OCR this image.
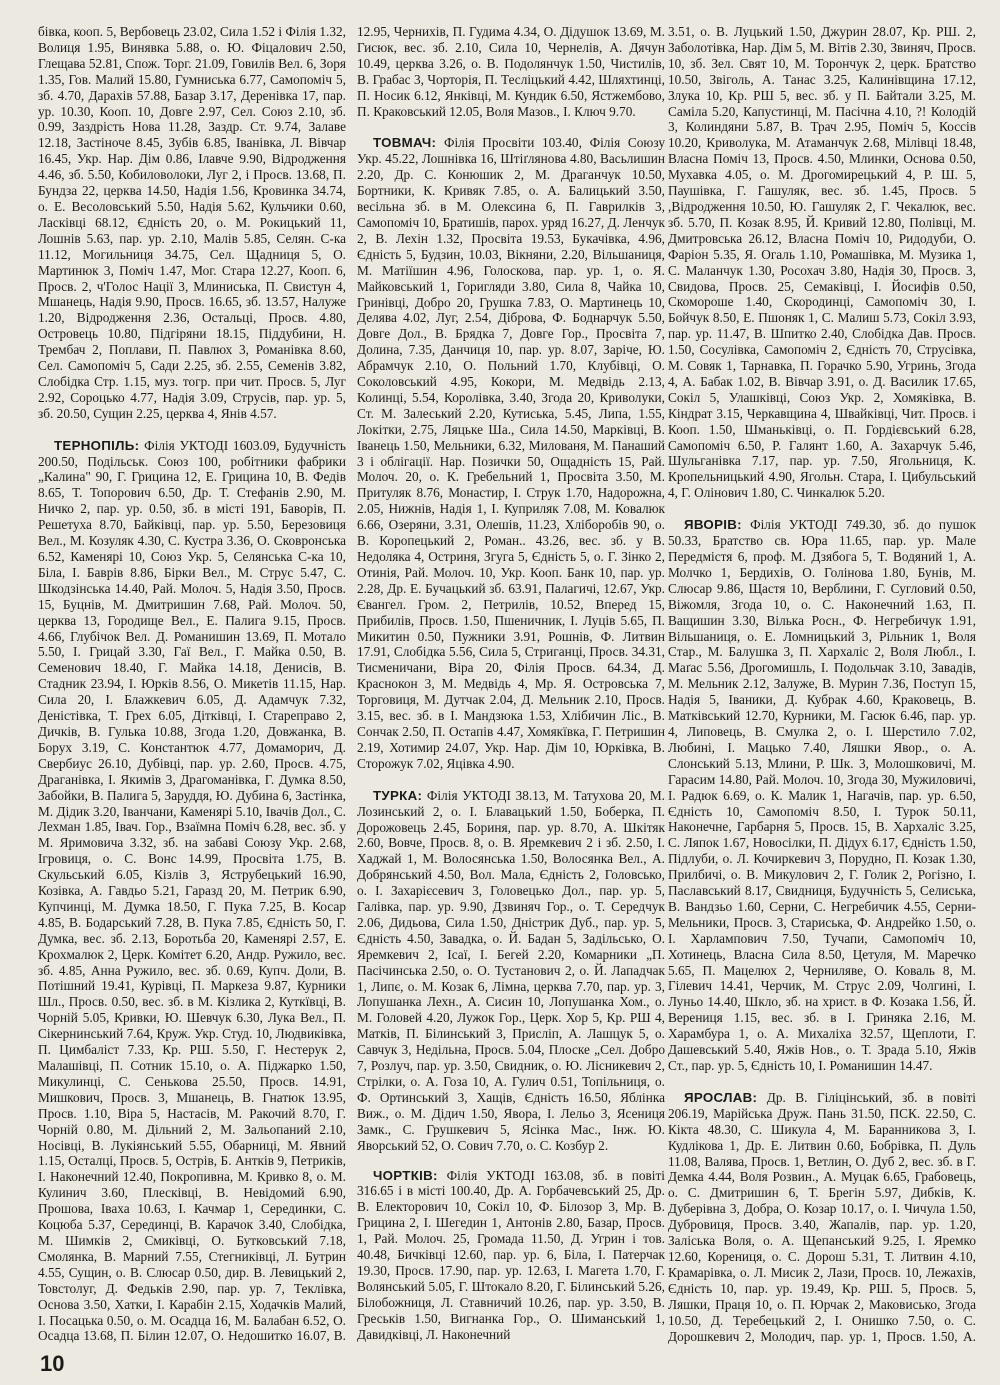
бівка, кооп. 5, Вербовець 23.02, Сила 1.52 і Філія 1.32, Волиця 1.95, Винявка 5.88, о. Ю. Фіцалович 2.50, Глещава 52.81, Спож. Торг. 21.09, Говилів Вел. 6, Зоря 1.35, Гов. Малий 15.80, Гумниська 6.77, Самопоміч 5, зб. 4.70, Дарахів 57.88, Базар 3.17, Деренівка 17, пар. ур. 10.30, Кооп. 10, Довге 2.97, Сел. Союз 2.10, зб. 0.99, Заздрість Нова 11.28, Заздр. Ст. 9.74, Залаве 12.18, Застіноче 8.45, Зубів 6.85, Іванівка, Л. Вівчар 16.45, Укр. Нар. Дім 0.86, Ілавче 9.90, Відродження 4.46, зб. 5.50, Кобиловолоки, Луг 2, і Просв. 13.68, П. Бундза 22, церква 14.50, Надія 1.56, Кровинка 34.74, о. Е. Весоловський 5.50, Надія 5.62, Кульчики 0.60, Ласківці 68.12, Єдність 20, о. М. Рокицький 11, Лошнів 5.63, пар. ур. 2.10, Малів 5.85, Селян. С-ка 11.12, Могильниця 34.75, Сел. Щадниця 5, О. Мартинюк 3, Поміч 1.47, Мог. Стара 12.27, Кооп. 6, Просв. 2, ч'Голос Нації 3, Млиниська, П. Свистун 4, Мшанець, Надія 9.90, Просв. 16.65, зб. 13.57, Налуже 1.20, Відродження 2.36, Остальці, Просв. 4.80, Островець 10.80, Підгіряни 18.15, Піддубини, Н. Трембач 2, Поплави, П. Павлюх 3, Романівка 8.60, Сел. Самопоміч 5, Сади 2.25, зб. 2.55, Семенів 3.82, Слобідка Стр. 1.15, муз. тогр. при чит. Просв. 5, Луг 2.92, Сороцько 4.77, Надія 3.09, Струсів, пар. ур. 5, зб. 20.50, Сущин 2.25, церква 4, Янів 4.57.

ТЕРНОПІЛЬ: Філія УКТОДІ 1603.09, Будучність 200.50, Подільськ. Союз 100, робітники фабрики „Калина" 90, Г. Грицина 12, Е. Грицина 10, В. Федів 8.65, Т. Топорович 6.50, Др. Т. Стефанів 2.90, М. Ничко 2, пар. ур. 0.50, зб. в місті 191, Баворів, П. Решетуха 8.70, Байківці, пар. ур. 5.50, Березовиця Вел., М. Козуляк 4.30, С. Кустра 3.36, О. Сковронська 6.52, Каменярі 10, Союз Укр. 5, Селянська С-ка 10, Біла, І. Баврів 8.86, Бірки Вел., М. Струс 5.47, С. Шкодзінська 14.40, Рай. Молоч. 5, Надія 3.50, Просв. 15, Буцнів, М. Дмитришин 7.68, Рай. Молоч. 50, церква 13, Городище Вел., Е. Палига 9.15, Просв. 4.66, Глубічок Вел. Д. Романишин 13.69, П. Мотало 5.50, І. Грицай 3.30, Гаї Вел., Г. Майка 0.50, В. Семенович 18.40, Г. Майка 14.18, Денисів, В. Стадник 23.94, І. Юрків 8.56, О. Микетів 11.15, Нар. Сила 20, І. Блажкевич 6.05, Д. Адамчук 7.32, Деністівка, Т. Грех 6.05, Дітківці, І. Стареправо 2, Дичків, В. Гулька 10.88, Згода 1.20, Довжанка, В. Борух 3.19, С. Константюк 4.77, Домаморич, Д. Свербиус 26.10, Дубівці, пар. ур. 2.60, Просв. 4.75, Драганівка, І. Якимів 3, Драгоманівка, Г. Думка 8.50, Забойки, В. Палига 5, Заруддя, Ю. Дубина 6, Застінка, М. Дідик 3.20, Іванчани, Каменярі 5.10, Івачів Дол., С. Лехман 1.85, Івач. Гор., Взаїмна Поміч 6.28, вес. зб. у М. Яримовича 3.32, зб. на забаві Союзу Укр. 2.68, Ігровиця, о. С. Вонс 14.99, Просвіта 1.75, В. Скульський 6.05, Кізлів 3, Яструбецький 16.90, Козівка, А. Гавдьо 5.21, Гаразд 20, М. Петрик 6.90, Купчинці, М. Думка 18.50, Г. Пука 7.25, В. Косар 4.85, В. Бодарський 7.28, В. Пука 7.85, Єдність 50, Г. Думка, вес. зб. 2.13, Боротьба 20, Каменярі 2.57, Е. Крохмалюк 2, Церк. Комітет 6.20, Андр. Ружило, вес. зб. 4.85, Анна Ружило, вес. зб. 0.69, Купч. Доли, В. Потішний 19.41, Курівці, П. Маркеза 9.87, Курники Шл., Просв. 0.50, вес. зб. в М. Кізлика 2, Куткївці, В. Чорній 5.05, Кривки, Ю. Шевчук 6.30, Лука Вел., П. Сікернинський 7.64, Круж. Укр. Студ. 10, Людвиківка, П. Цимбаліст 7.33, Кр. РШ. 5.50, Г. Нестерук 2, Малашівці, П. Сотник 15.10, о. А. Піджарко 1.50, Микулинці, С. Сенькова 25.50, Просв. 14.91, Мишкович, Просв. 3, Мшанець, В. Гнатюк 13.95, Просв. 1.10, Віра 5, Настасів, М. Ракочий 8.70, Г. Чорній 0.80, М. Дільний 2, М. Зальопаний 2.10, Носівці, В. Лукіянський 5.55, Обарниці, М. Явний 1.15, Осталці, Просв. 5, Острів, Б. Антків 9, Петриків, І. Наконечний 12.40, Покропивна, М. Кривко 8, о. М. Кулинич 3.60, Плесківці, В. Невідомий 6.90, Прошова, Іваха 10.63, І. Качмар 1, Серединки, С. Коцюба 5.37, Серединці, В. Карачок 3.40, Слобідка, М. Шимків 2, Смиківці, О. Бутковський 7.18, Смолянка, В. Марний 7.55, Стегниківці, Л. Бутрин 4.55, Сущин, о. В. Слюсар 0.50, дир. В. Левицький 2, Товстолуг, Д. Федьків 2.90, пар. ур. 7, Теклівка, Основа 3.50, Хатки, І. Карабін 2.15, Ходачків Малий, І. Посацька 0.50, о. М. Осадца 16, М. Балабан 6.52, О. Осадца 13.68, П. Білин 12.07, О. Недошитко 16.07, В.

12.95, Чернихів, П. Гудима 4.34, О. Дідушок 13.69, М. Гисюк, вес. зб. 2.10, Сила 10, Чернелів, А. Дячун 10.49, церква 3.26, о. В. Подолянчук 1.50, Чистилів, В. Грабас 3, Чорторія, П. Тесліцький 4.42, Шляхтинці, П. Носик 6.12, Янківці, М. Кундик 6.50, Ястжембово, П. Краковський 12.05, Воля Мазов., І. Ключ 9.70.

ТОВМАЧ: Філія Просвіти 103.40, Філія Союзу Укр. 45.22, Лошнівка 16, Штіґлянова 4.80, Васьлишин 2.20, Др. С. Конюшик 2, М. Драганчук 10.50, Бортники, К. Кривяк 7.85, о. А. Балицький 3.50, весільна зб. в М. Олексина 6, П. Гаврилків 3, Самопоміч 10, Братишів, парох. уряд 16.27, Д. Ленчук 2, В. Лехін 1.32, Просвіта 19.53, Букачівка, 4.96, Єдність 5, Будзин, 10.03, Вікняни, 2.20, Вільшаниця, М. Матіїшин 4.96, Голоскова, пар. ур. 1, о. Я. Майковський 1, Горигляди 3.80, Сила 8, Чайка 10, Гринівці, Добро 20, Грушка 7.83, О. Мартинець 10, Делява 4.02, Луг, 2.54, Діброва, Ф. Боднарчук 5.50, Довге Дол., В. Брядка 7, Довге Гор., Просвіта 7, Долина, 7.35, Данчиця 10, пар. ур. 8.07, Заріче, Ю. Абрамчук 2.10, О. Польний 1.70, Клубівці, О. Соколовський 4.95, Кокори, М. Медвідь 2.13, Колинці, 5.54, Королівка, 3.40, Згода 20, Криволуки, Ст. М. Залеський 2.20, Кутиська, 5.45, Липа, 1.55, Локітки, 2.75, Ляцьке Ша., Сила 14.50, Марківці, В. Іванець 1.50, Мельники, 6.32, Милованя, М. Панаший 3 і облігації. Нар. Позички 50, Ощадність 15, Рай. Молоч. 20, о. К. Гребельний 1, Просвіта 3.50, М. Притуляк 8.76, Монастир, І. Струк 1.70, Надорожна, 2.05, Нижнів, Надія 1, І. Куприляк 7.08, М. Ковалюк 6.66, Озеряни, 3.31, Олешів, 11.23, Хліборобів 90, о. В. Коропецький 2, Роман.. 43.26, вес. зб. у В. Недоляка 4, Остриня, Згуга 5, Єдність 5, о. Г. Зінко 2, Отинія, Рай. Молоч. 10, Укр. Кооп. Банк 10, пар. ур. 2.28, Др. Е. Бучацький зб. 63.91, Палагичі, 12.67, Укр. Євангел. Гром. 2, Петрилів, 10.52, Вперед 15, Прибилів, Просв. 1.50, Пшеничник, І. Луців 5.65, П. Микитин 0.50, Пужники 3.91, Рошнів, Ф. Литвин 17.91, Слобідка 5.56, Сила 5, Стриганці, Просв. 34.31, Тисменичани, Віра 20, Філія Просв. 64.34, Д. Краснокон 3, М. Медвідь 4, Мр. Я. Островська 7, Торговиця, М. Дутчак 2.04, Д. Мельник 2.10, Просв. 3.15, вес. зб. в І. Мандзюка 1.53, Хлібичин Ліс., В. Сончак 2.50, П. Остапів 4.47, Хомякївка, Г. Петришин 2.19, Хотимир 24.07, Укр. Нар. Дім 10, Юрківка, В. Сторожук 7.02, Яцівка 4.90.

ТУРКА: Філія УКТОДІ 38.13, М. Татухова 20, М. Лозинський 2, о. І. Блавацький 1.50, Боберка, П. Дорожовець 2.45, Бориня, пар. ур. 8.70, А. Шкітяк 2.60, Вовче, Просв. 8, о. В. Яремкевич 2 і зб. 2.50, І. Хаджай 1, М. Волосянська 1.50, Волосянка Вел., А. Добрянський 4.50, Вол. Мала, Єдність 2, Головсько, о. І. Захарієсевич 3, Головецько Дол., пар. ур. 5, Галівка, пар. ур. 9.90, Дзвиняч Гор., о. Т. Середчук 2.06, Дидьова, Сила 1.50, Дністрик Дуб., пар. ур. 5, Єдність 4.50, Завадка, о. Й. Бадан 5, Задільсько, О. Яремкевич 2, Ісаї, І. Бегей 2.20, Комарники „П. Пасічинська 2.50, о. О. Тустанович 2, о. Й. Лападчак 1, Липє, о. М. Козак 6, Лімна, церква 7.70, пар. ур. 3, Лопушанка Лехн., А. Сисин 10, Лопушанка Хом., о. М. Головей 4.20, Лужок Гор., Церк. Хор 5, Кр. РШ 4, Матків, П. Білинський 3, Присліп, А. Лашцук 5, о. Савчук 3, Недільна, Просв. 5.04, Плоске „Сел. Добро 7, Розлуч, пар. ур. 3.50, Свидник, о. Ю. Лісникевич 2, Стрілки, о. А. Гоза 10, А. Гулич 0.51, Топільниця, о. Ф. Ортинський 3, Хащів, Єдність 16.50, Яблінка Виж., о. М. Дідич 1.50, Явора, І. Лельо 3, Ясениця Замк., С. Грушкевич 5, Ясінка Мас., Інж. Ю. Яворський 52, О. Сович 7.70, о. С. Козбур 2.

ЧОРТКІВ: Філія УКТОДІ 163.08, зб. в повіті 316.65 і в місті 100.40, Др. А. Горбачевський 25, Др. В. Електорович 10, Сокіл 10, Ф. Білозор 3, Мр. В. Грицина 2, І. Шегедин 1, Антонів 2.80, Базар, Просв. 1, Рай. Молоч. 25, Громада 11.50, Д. Угрин і тов. 40.48, Бичківці 12.60, пар. ур. 6, Біла, І. Патерчак 19.30, Просв. 17.90, пар. ур. 12.63, І. Магета 1.70, Г. Волянський 5.05, Г. Штокало 8.20, Г. Білинський 5.26, Білобожниця, Л. Ставничий 10.26, пар. ур. 3.50, В. Греськів 1.50, Вигнанка Гор., О. Шиманський 1, Давидківці, Л. Наконечний

3.51, о. В. Луцький 1.50, Джурин 28.07, Кр. РШ. 2, Заболотівка, Нар. Дім 5, М. Вітів 2.30, Звиняч, Просв. 10, зб. Зел. Свят 10, М. Торончук 2, церк. Братство 10.50, Звіголь, А. Танас 3.25, Калинівщина 17.12, Злука 10, Кр. РШ 5, вес. зб. у П. Байтали 3.25, М. Саміла 5.20, Капустинці, М. Пасічна 4.10, ?! Колодій 3, Колиндяни 5.87, В. Трач 2.95, Поміч 5, Коссів 10.20, Криволука, М. Атаманчук 2.68, Мілівці 18.48, Власна Поміч 13, Просв. 4.50, Млинки, Основа 0.50, Мухавка 4.05, о. М. Дрогомирецький 4, Р. Ш. 5, Паушівка, Г. Гашуляк, вес. зб. 1.45, Просв. 5 ,Відродження 10.50, Ю. Гашуляк 2, Г. Чекалюк, вес. зб. 5.70, П. Козак 8.95, Й. Кривий 12.80, Полівці, М. Дмитровська 26.12, Власна Поміч 10, Ридодуби, О. Фаріон 5.35, Я. Огаль 1.10, Ромашівка, М. Музика 1, С. Маланчук 1.30, Росохач 3.80, Надія 30, Просв. 3, Свидова, Просв. 25, Семаківці, І. Йосифів 0.50, Скомороше 1.40, Скородинці, Самопоміч 30, І. Бойчук 8.50, Е. Пшоняк 1, С. Малиш 5.73, Сокіл 3.93, пар. ур. 11.47, В. Шпитко 2.40, Слобідка Дав. Просв. 1.50, Сосулівка, Самопоміч 2, Єдність 70, Струсівка, М. Совяк 1, Тарнавка, П. Горачко 5.90, Угринь, Згода 4, А. Бабак 1.02, В. Вівчар 3.91, о. Д. Василик 17.65, Сокіл 5, Улашківці, Союз Укр. 2, Хомяківка, В. Кіндрат 3.15, Черкавщина 4, Швайківці, Чит. Просв. і Кооп. 1.50, Шманьківці, о. П. Гордієвський 6.28, Самопоміч 6.50, Р. Галянт 1.60, А. Захарчук 5.46, Шульганівка 7.17, пар. ур. 7.50, Ягольниця, К. Кропельницький 4.90, Ягольн. Стара, І. Цибульський 4, Г. Олінович 1.80, С. Чинкалюк 5.20.

ЯВОРІВ: Філія УКТОДІ 749.30, зб. до пушок 50.33, Братство св. Юра 11.65, пар. ур. Мале Передмістя 6, проф. М. Дзябога 5, Т. Водяний 1, А. Молчко 1, Бердихів, О. Голінова 1.80, Бунів, М. Слюсар 9.86, Щастя 10, Верблини, Г. Сугловий 0.50, Віжомля, Згода 10, о. С. Наконечний 1.63, П. Ващишин 3.30, Вілька Росн., Ф. Негребичук 1.91, Вільшаниця, о. Е. Ломницький 3, Рільник 1, Воля Стар., М. Балушка 3, П. Хархаліс 2, Воля Любл., І. Маґас 5.56, Дрогомишль, І. Подольчак 3.10, Завадів, М. Мельник 2.12, Залуже, В. Мурин 7.36, Поступ 15, Надія 5, Іваники, Д. Кубрак 4.60, Краковець, В. Матківський 12.70, Курники, М. Гасюк 6.46, пар. ур. 4, Липовець, В. Смулка 2, о. І. Шерстило 7.02, Любині, І. Мацько 7.40, Ляшки Явор., о. А. Слонський 5.13, Млини, Р. Шк. 3, Молошковичі, М. Гарасим 14.80, Рай. Молоч. 10, Згода 30, Мужиловичі, І. Радюк 6.69, о. К. Малик 1, Нагачів, пар. ур. 6.50, Єдність 10, Самопоміч 8.50, І. Турок 50.11, Наконечне, Гарбарня 5, Просв. 15, В. Хархаліс 3.25, С. Ляпок 1.67, Новосілки, П. Дідух 6.17, Єдність 1.50, Підлуби, о. Л. Кочиркевич 3, Порудно, П. Козак 1.30, Прилбичі, о. В. Микулович 2, Г. Голик 2, Рогізно, І. Паславський 8.17, Свидниця, Будучність 5, Селиська, В. Вандзьо 1.60, Серни, С. Негребичик 4.55, Серни-Мельники, Просв. 3, Стариська, Ф. Андрейко 1.50, о. І. Харлампович 7.50, Тучапи, Самопоміч 10, Хотинець, Власна Сила 8.50, Цетуля, М. Маречко 5.65, П. Мацелюх 2, Черниляве, О. Коваль 8, М. Гілевич 14.41, Черчик, М. Струс 2.09, Чолгині, І. Луньо 14.40, Шкло, зб. на христ. в Ф. Козака 1.56, Й. Верениця 1.15, вес. зб. в І. Гриняка 2.16, М. Харамбура 1, о. А. Михаліха 32.57, Щеплоти, Г. Дашевський 5.40, Яжів Нов., о. Т. Зрада 5.10, Яжів Ст., пар. ур. 5, Єдність 10, І. Романишин 14.47.

ЯРОСЛАВ: Др. В. Гіліцінський, зб. в повіті 206.19, Марійська Друж. Пань 31.50, ПСК. 22.50, С. Кікта 48.30, С. Шикула 4, М. Баранникова 3, І. Кудлікова 1, Др. Е. Литвин 0.60, Бобрівка, П. Дуль 11.08, Валява, Просв. 1, Ветлин, О. Дуб 2, вес. зб. в Г. Демка 4.44, Воля Розвин., А. Муцак 6.65, Грабовець, о. С. Дмитришин 6, Т. Брегін 5.97, Дибків, К. Дуберівна 3, Добра, О. Козар 10.17, о. І. Чичула 1.50, Дубровиця, Просв. 3.40, Жапалів, пар. ур. 1.20, Заліська Воля, о. А. Щепанський 9.25, І. Яремко 12.60, Корениця, о. С. Дорош 5.31, Т. Литвин 4.10, Крамарівка, о. Л. Мисик 2, Лази, Просв. 10, Лежахів, Єдність 10, пар. ур. 19.49, Кр. РШ. 5, Просв. 5, Ляшки, Праця 10, о. П. Юрчак 2, Маковисько, Згода 10.50, Д. Теребецький 2, І. Онишко 7.50, о. С. Дорошкевич 2, Молодич, пар. ур. 1, Просв. 1.50, А.

10
